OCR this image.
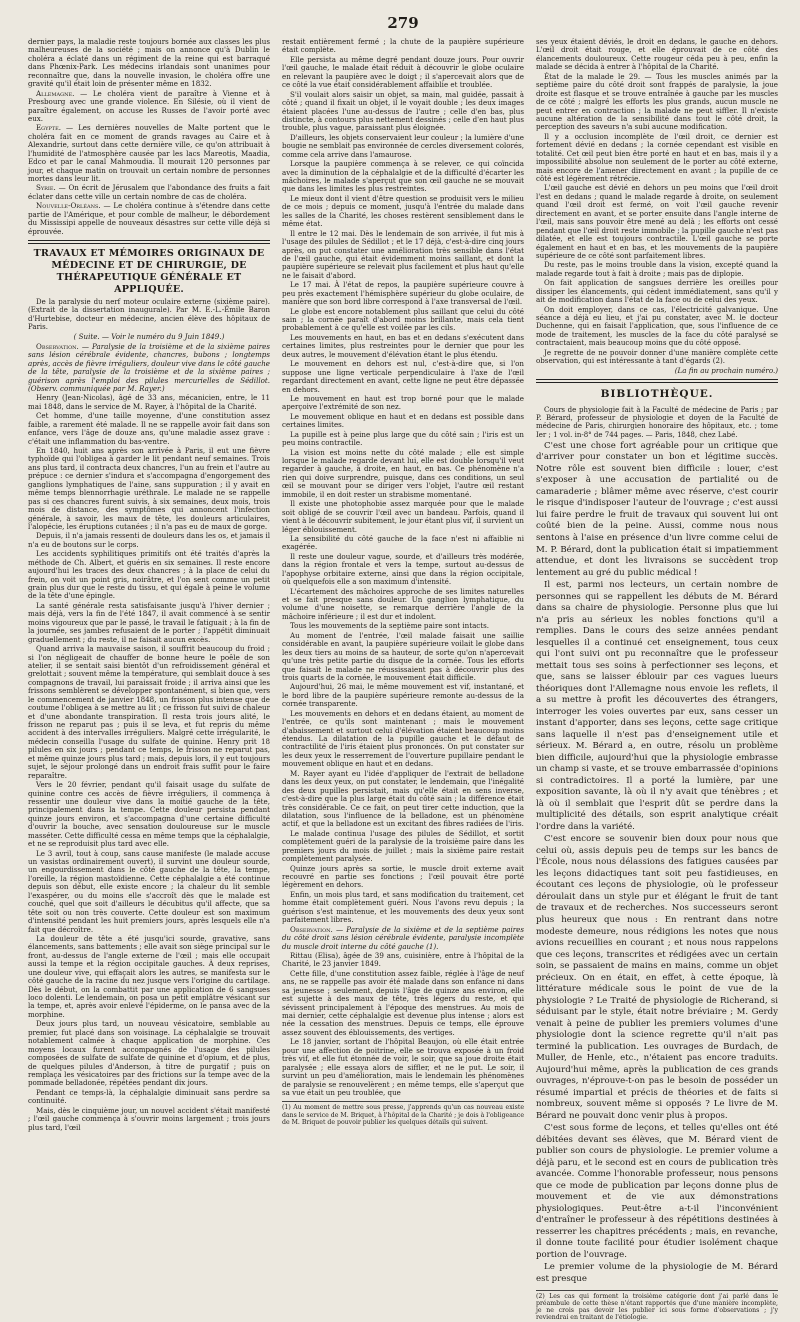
279

dernier pays, la maladie reste toujours bornée aux classes les plus malheureuses de la société ; mais on annonce qu'à Dublin le choléra a éclaté dans un régiment de la reine qui est barraqué dans Phœnix-Park. Les médecins irlandais sont unanimes pour reconnaître que, dans la nouvelle invasion, le choléra offre une gravité qu'il était loin de présenter même en 1832.

Allemagne. — Le choléra vient de paraître à Vienne et à Presbourg avec une grande violence. En Silésie, où il vient de paraître également, on accuse les Russes de l'avoir porté avec eux.

Egypte. — Les dernières nouvelles de Malte portent que le choléra fait en ce moment de grands ravages au Caire et à Alexandrie, surtout dans cette dernière ville, ce qu'on attribuait à l'humidité de l'atmosphère causée par les lacs Mareotis, Maadia, Edco et par le canal Mahmoudia. Il mourait 120 personnes par jour, et chaque matin on trouvait un certain nombre de personnes mortes dans leur lit.

Syrie. — On écrit de Jérusalem que l'abondance des fruits a fait éclater dans cette ville un certain nombre de cas de choléra.

Nouvelle-Orléans. — Le choléra continue à s'étendre dans cette partie de l'Amérique, et pour comble de malheur, le débordement du Mississipi appelle de nouveaux désastres sur cette ville déjà si éprouvée.

TRAVAUX ET MÉMOIRES ORIGINAUX DE MÉDECINE ET DE CHIRURGIE, DE THÉRAPEUTIQUE GÉNÉRALE ET APPLIQUÉE.

De la paralysie du nerf moteur oculaire externe (sixième paire). (Extrait de la dissertation inaugurale). Par M. E.-L.-Émile Baron d'Hurtebise, docteur en médecine, ancien élève des hôpitaux de Paris.

( Suite. — Voir le numéro du 9 Juin 1849.)

Observation. — Paralysie de la troisième et de la sixième paires sans lésion cérébrale évidente, chancres, bubons ; longtemps après, accès de fièvre irréguliers, douleur vive dans le côté gauche de la tête, paralysie de la troisième et de la sixième paires ; guérison après l'emploi des pilules mercurielles de Sédillot. (Observ. communiquée par M. Rayer.)

Henry (Jean-Nicolas), âgé de 33 ans, mécanicien, entre, le 11 mai 1848, dans le service de M. Rayer, à l'hôpital de la Charité.

Cet homme, d'une taille moyenne, d'une constitution assez faible, a rarement été malade. Il ne se rappelle avoir fait dans son enfance, vers l'âge de douze ans, qu'une maladie assez grave : c'était une inflammation du bas-ventre.

En 1840, huit ans après son arrivée à Paris, il eut une fièvre typhoïde qui l'obligea à garder le lit pendant neuf semaines. Trois ans plus tard, il contracta deux chancres, l'un au frein et l'autre au prépuce : ce dernier s'indura et s'accompagna d'engorgement des ganglions lymphatiques de l'aine, sans suppuration ; il y avait en même temps blennorrhagie uréthrale. Le malade ne se rappelle pas si ces chancres furent suivis, à six semaines, deux mois, trois mois de distance, des symptômes qui annoncent l'infection générale, à savoir, les maux de tête, les douleurs articulaires, l'alopécie, les éruptions cutanées ; il n'a pas eu de maux de gorge.

Depuis, il n'a jamais ressenti de douleurs dans les os, et jamais il n'a eu de boutons sur le corps.

Les accidents syphilitiques primitifs ont été traités d'après la méthode de Ch. Albert, et guéris en six semaines. Il reste encore aujourd'hui les traces des deux chancres ; à la place de celui du frein, on voit un point gris, noirâtre, et l'on sent comme un petit grain plus dur que le reste du tissu, et qui égale à peine le volume de la tête d'une épingle.

La santé générale resta satisfaisante jusqu'à l'hiver dernier ; mais déjà, vers la fin de l'été 1847, il avait commencé à se sentir moins vigoureux que par le passé, le travail le fatiguait ; à la fin de la journée, ses jambes refusaient de le porter ; l'appétit diminuait graduellement ; du reste, il ne faisait aucun excès.

Quand arriva la mauvaise saison, il souffrit beaucoup du froid ; si l'on négligeait de chauffer de bonne heure le poêle de son atelier, il se sentait saisi bientôt d'un refroidissement général et grelottait ; souvent même la température, qui semblait douce à ses compagnons de travail, lui paraissait froide ; il arriva ainsi que les frissons semblèrent se développer spontanément, si bien que, vers le commencement de janvier 1848, un frisson plus intense que de coutume l'obligea à se mettre au lit ; ce frisson fut suivi de chaleur et d'une abondante transpiration. Il resta trois jours alité, le frisson ne reparut pas ; puis il se leva, et fut repris du même accident à des intervalles irréguliers. Malgré cette irrégularité, le médecin conseilla l'usage du sulfate de quinine. Henry prit 18 pilules en six jours ; pendant ce temps, le frisson ne reparut pas, et même quinze jours plus tard ; mais, depuis lors, il y eut toujours sujet, le séjour prolongé dans un endroit frais suffit pour le faire reparaître.

Vers le 20 février, pendant qu'il faisait usage du sulfate de quinine contre ces accès de fièvre irréguliers, il commença à ressentir une douleur vive dans la moitié gauche de la tête, principalement dans la tempe. Cette douleur persista pendant quinze jours environ, et s'accompagna d'une certaine difficulté d'ouvrir la bouche, avec sensation douloureuse sur le muscle masséter. Cette difficulté cessa en même temps que la céphalalgie, et ne se reproduisit plus tard avec elle.

Le 3 avril, tout à coup, sans cause manifeste (le malade accuse un vasistas ordinairement ouvert), il survint une douleur sourde, un engourdissement dans le côté gauche de la tête, la tempe, l'oreille, la région mastoïdienne. Cette céphalalgie a été continue depuis son début, elle existe encore ; la chaleur du lit semble l'exaspérer, ou du moins elle s'accroît dès que le malade est couché, quel que soit d'ailleurs le décubitus qu'il affecte, que sa tête soit ou non très couverte. Cette douleur est son maximum d'intensité pendant les huit premiers jours, après lesquels elle n'a fait que décroître.

La douleur de tête a été jusqu'ici sourde, gravative, sans élancements, sans battements ; elle avait son siège principal sur le front, au-dessus de l'angle externe de l'œil ; mais elle occupait aussi la tempe et la région occipitale gauches. À deux reprises, une douleur vive, qui effaçait alors les autres, se manifesta sur le côté gauche de la racine du nez jusque vers l'origine du cartilage. Dès le début, on la combattit par une application de 6 sangsues loco dolenti. Le lendemain, on posa un petit emplâtre vésicant sur la tempe, et, après avoir enlevé l'épiderme, on le pansa avec de la morphine.

Deux jours plus tard, un nouveau vésicatoire, semblable au premier, fut placé dans son voisinage. La céphalalgie se trouvait notablement calmée à chaque application de morphine. Ces moyens locaux furent accompagnés de l'usage des pilules composées de sulfate de sulfate de quinine et d'opium, et de plus, de quelques pilules d'Anderson, à titre de purgatif ; puis on remplaça les vésicatoires par des frictions sur la tempe avec de la pommade belladonée, répétées pendant dix jours.

Pendant ce temps-là, la céphalalgie diminuait sans perdre sa continuité.

Mais, dès le cinquième jour, un nouvel accident s'était manifesté ; l'œil gauche commença à s'ouvrir moins largement ; trois jours plus tard, l'œil

restait entièrement fermé ; la chute de la paupière supérieure était complète.

Elle persista au même degré pendant douze jours. Pour ouvrir l'œil gauche, le malade était réduit à découvrir le globe oculaire en relevant la paupière avec le doigt ; il s'apercevait alors que de ce côté la vue était considérablement affaiblie et troublée.

S'il voulait alors saisir un objet, sa main, mal guidée, passait à côté ; quand il fixait un objet, il le voyait double ; les deux images étaient placées l'une au-dessus de l'autre ; celle d'en bas, plus distincte, à contours plus nettement dessinés ; celle d'en haut plus trouble, plus vague, paraissant plus éloignée.

D'ailleurs, les objets conservaient leur couleur ; la lumière d'une bougie ne semblait pas environnée de cercles diversement colorés, comme cela arrive dans l'amaurose.

Lorsque la paupière commença à se relever, ce qui coïncida avec la diminution de la céphalalgie et de la difficulté d'écarter les mâchoires, le malade s'aperçut que son œil gauche ne se mouvait que dans les limites les plus restreintes.

Le mieux dont il vient d'être question se produisit vers le milieu de ce mois ; depuis ce moment, jusqu'à l'entrée du malade dans les salles de la Charité, les choses restèrent sensiblement dans le même état.

Il entre le 12 mai. Dès le lendemain de son arrivée, il fut mis à l'usage des pilules de Sédillot ; et le 17 déjà, c'est-à-dire cinq jours après, on put constater une amélioration très sensible dans l'état de l'œil gauche, qui était évidemment moins saillant, et dont la paupière supérieure se relevait plus facilement et plus haut qu'elle ne le faisait d'abord.

Le 17 mai. À l'état de repos, la paupière supérieure couvre à peu près exactement l'hémisphère supérieur du globe oculaire, de manière que son bord libre correspond à l'axe transversal de l'œil.

Le globe est encore notablement plus saillant que celui du côté sain ; la cornée paraît d'abord moins brillante, mais cela tient probablement à ce qu'elle est voilée par les cils.

Les mouvements en haut, en bas et en dedans s'exécutent dans certaines limites, plus restreintes pour le dernier que pour les deux autres, le mouvement d'élévation étant le plus étendu.

Le mouvement en dehors est nul, c'est-à-dire que, si l'on suppose une ligne verticale perpendiculaire à l'axe de l'œil regardant directement en avant, cette ligne ne peut être dépassée en dehors.

Le mouvement en haut est trop borné pour que le malade aperçoive l'extrémité de son nez.

Le mouvement oblique en haut et en dedans est possible dans certaines limites.

La pupille est à peine plus large que du côté sain ; l'iris est un peu moins contractile.

La vision est moins nette du côté malade ; elle est simple lorsque le malade regarde devant lui, elle est double lorsqu'il veut regarder à gauche, à droite, en haut, en bas. Ce phénomène n'a rien qui doive surprendre, puisque, dans ces conditions, un seul œil se mouvant pour se diriger vers l'objet, l'autre œil restant immobile, il en doit rester un strabisme momentané.

Il existe une photophobie assez marquée pour que le malade soit obligé de se couvrir l'œil avec un bandeau. Parfois, quand il vient à le découvrir subitement, le jour étant plus vif, il survient un léger éblouissement.

La sensibilité du côté gauche de la face n'est ni affaiblie ni exagérée.

Il reste une douleur vague, sourde, et d'ailleurs très modérée, dans la région frontale et vers la tempe, surtout au-dessus de l'apophyse orbitaire externe, ainsi que dans la région occipitale, où quelquefois elle a son maximum d'intensité.

L'écartement des mâchoires approche de ses limites naturelles et se fait presque sans douleur. Un ganglion lymphatique, du volume d'une noisette, se remarque derrière l'angle de la mâchoire inférieure ; il est dur et indolent.

Tous les mouvements de la septième paire sont intacts.

Au moment de l'entrée, l'œil malade faisait une saillie considérable en avant, la paupière supérieure voilait le globe dans les deux tiers au moins de sa hauteur, de sorte qu'on n'apercevait qu'une très petite partie du disque de la cornée. Tous les efforts que faisait le malade ne réussissaient pas à découvrir plus des trois quarts de la cornée, le mouvement était difficile.

Aujourd'hui, 26 mai, le même mouvement est vif, instantané, et le bord libre de la paupière supérieure remonte au-dessus de la cornée transparente.

Les mouvements en dehors et en dedans étaient, au moment de l'entrée, ce qu'ils sont maintenant ; mais le mouvement d'abaissement et surtout celui d'élévation étaient beaucoup moins étendus. La dilatation de la pupille gauche et le défaut de contractilité de l'iris étaient plus prononcés. On put constater sur les deux yeux le resserrement de l'ouverture pupillaire pendant le mouvement oblique en haut et en dedans.

M. Rayer ayant eu l'idée d'appliquer de l'extrait de belladone dans les deux yeux, on put constater, le lendemain, que l'inégalité des deux pupilles persistait, mais qu'elle était en sens inverse, c'est-à-dire que la plus large était du côté sain ; la différence était très considérable. Ce ce fait, on peut tirer cette induction, que la dilatation, sous l'influence de la belladone, est un phénomène actif, et que la belladone est un excitant des fibres radiées de l'iris.

Le malade continua l'usage des pilules de Sédillot, et sortit complètement guéri de la paralysie de la troisième paire dans les premiers jours du mois de juillet ; mais la sixième paire restait complètement paralysée.

Quinze jours après sa sortie, le muscle droit externe avait recouvré en partie ses fonctions ; l'œil pouvait être porté légèrement en dehors.

Enfin, un mois plus tard, et sans modification du traitement, cet homme était complètement guéri. Nous l'avons revu depuis ; la guérison s'est maintenue, et les mouvements des deux yeux sont parfaitement libres.

Observation. — Paralysie de la sixième et de la septième paires du côté droit sans lésion cérébrale évidente, paralysie incomplète du muscle droit interne du côté gauche (1).

Rittau (Elisa), âgée de 39 ans, cuisinière, entre à l'hôpital de la Charité, le 23 janvier 1849.

Cette fille, d'une constitution assez faible, réglée à l'âge de neuf ans, ne se rappelle pas avoir été malade dans son enfance ni dans sa jeunesse ; seulement, depuis l'âge de quinze ans environ, elle est sujette à des maux de tête, très légers du reste, et qui sévissent principalement à l'époque des menstrues. Au mois de mai dernier, cette céphalalgie est devenue plus intense ; alors est née la cessation des menstrues. Depuis ce temps, elle éprouve assez souvent des éblouissements, des vertiges.

Le 18 janvier, sortant de l'hôpital Beaujon, où elle était entrée pour une affection de poitrine, elle se trouva exposée à un froid très vif, et elle fut étonnée de voir, le soir, que sa joue droite était paralysée ; elle essaya alors de siffler, et ne le put. Le soir, il survint un peu d'amélioration, mais le lendemain les phénomènes de paralysie se renouvelèrent ; en même temps, elle s'aperçut que sa vue était un peu troublée, que

(1) Au moment de mettre sous presse, j'apprends qu'un cas nouveau existe dans le service de M. Briquet, à l'hôpital de la Charité ; je dois à l'obligeance de M. Briquet de pouvoir publier les quelques détails qui suivent.

ses yeux étaient déviés, le droit en dedans, le gauche en dehors. L'œil droit était rouge, et elle éprouvait de ce côté des élancements douloureux. Cette rougeur céda peu à peu, enfin la malade se décida à entrer à l'hôpital de la Charité.

État de la malade le 29. — Tous les muscles animés par la septième paire du côté droit sont frappés de paralysie, la joue droite est flasque et se trouve entraînée à gauche par les muscles de ce côté ; malgré les efforts les plus grands, aucun muscle ne peut entrer en contraction ; la malade ne peut siffler. Il n'existe aucune altération de la sensibilité dans tout le côté droit, la perception des saveurs n'a subi aucune modification.

Il y a occlusion incomplète de l'œil droit, ce dernier est fortement dévié en dedans ; la cornée cependant est visible en totalité. Cet œil peut bien être porté en haut et en bas, mais il y a impossibilité absolue non seulement de le porter au côté externe, mais encore de l'amener directement en avant ; la pupille de ce côté est légèrement rétrécie.

L'œil gauche est dévié en dehors un peu moins que l'œil droit l'est en dedans ; quand le malade regarde à droite, on seulement quand l'œil droit est fermé, on voit l'œil gauche revenir directement en avant, et se porter ensuite dans l'angle interne de l'œil, mais sans pouvoir être mené au delà ; les efforts ont cessé pendant que l'œil droit reste immobile ; la pupille gauche n'est pas dilatée, et elle est toujours contractile. L'œil gauche se porte également en haut et en bas, et les mouvements de la paupière supérieure de ce côté sont parfaitement libres.

Du reste, pas le moins trouble dans la vision, excepté quand la malade regarde tout à fait à droite ; mais pas de diplopie.

On fait application de sangsues derrière les oreilles pour dissiper les élancements, qui cèdent immédiatement, sans qu'il y ait de modification dans l'état de la face ou de celui des yeux.

On doit employer, dans ce cas, l'électricité galvanique. Une séance a déjà eu lieu, et j'ai pu constater, avec M. le docteur Duchenne, qui en faisait l'application, que, sous l'influence de ce mode de traitement, les muscles de la face du côté paralysé se contractaient, mais beaucoup moins que du côté opposé.

Je regrette de ne pouvoir donner d'une manière complète cette observation, qui est intéressante à tant d'égards (2).

(La fin au prochain numéro.)

BIBLIOTHÈQUE.

Cours de physiologie fait à la Faculté de médecine de Paris ; par P. Bérard, professeur de physiologie et doyen de la Faculté de médecine de Paris, chirurgien honoraire des hôpitaux, etc. ; tome Ier ; 1 vol. in-8° de 744 pages. — Paris, 1848, chez Labé.

C'est une chose fort agréable pour un critique que d'arriver pour constater un bon et légitime succès. Notre rôle est souvent bien difficile : louer, c'est s'exposer à une accusation de partialité ou de camaraderie ; blâmer même avec réserve, c'est courir le risque d'indisposer l'auteur de l'ouvrage ; c'est aussi lui faire perdre le fruit de travaux qui souvent lui ont coûté bien de la peine. Aussi, comme nous nous sentons à l'aise en présence d'un livre comme celui de M. P. Bérard, dont la publication était si impatiemment attendue, et dont les livraisons se succèdent trop lentement au gré du public médical !

Il est, parmi nos lecteurs, un certain nombre de personnes qui se rappellent les débuts de M. Bérard dans sa chaire de physiologie. Personne plus que lui n'a pris au sérieux les nobles fonctions qu'il a remplies. Dans le cours des seize années pendant lesquelles il a continué cet enseignement, tous ceux qui l'ont suivi ont pu reconnaître que le professeur mettait tous ses soins à perfectionner ses leçons, et que, sans se laisser éblouir par ces vagues lueurs théoriques dont l'Allemagne nous envoie les reflets, il a su mettre à profit les découvertes des étrangers, interroger les voies ouvertes par eux, sans cesser un instant d'apporter, dans ses leçons, cette sage critique sans laquelle il n'est pas d'enseignement utile et sérieux. M. Bérard a, en outre, résolu un problème bien difficile, aujourd'hui que la physiologie embrasse un champ si vaste, et se trouve embarrassée d'opinions si contradictoires. Il a porté la lumière, par une exposition savante, là où il n'y avait que ténèbres ; et là où il semblait que l'esprit dût se perdre dans la multiplicité des détails, son esprit analytique créait l'ordre dans la variété.

C'est encore se souvenir bien doux pour nous que celui où, assis depuis peu de temps sur les bancs de l'École, nous nous délassions des fatigues causées par les leçons didactiques tant soit peu fastidieuses, en écoutant ces leçons de physiologie, où le professeur déroulait dans un style pur et élégant le fruit de tant de travaux et de recherches. Nos successeurs seront plus heureux que nous : En rentrant dans notre modeste demeure, nous rédigions les notes que nous avions recueillies en courant ; et nous nous rappelons que ces leçons, transcrites et rédigées avec un certain soin, se passaient de mains en mains, comme un objet précieux. On en était, en effet, à cette époque, là littérature médicale sous le point de vue de la physiologie ? Le Traité de physiologie de Richerand, si séduisant par le style, était notre bréviaire ; M. Gerdy venait à peine de publier les premiers volumes d'une physiologie dont la science regrette qu'il n'ait pas terminé la publication. Les ouvrages de Burdach, de Muller, de Henle, etc., n'étaient pas encore traduits. Aujourd'hui même, après la publication de ces grands ouvrages, n'éprouve-t-on pas le besoin de posséder un résumé impartial et précis de théories et de faits si nombreux, souvent même si opposés ? Le livre de M. Bérard ne pouvait donc venir plus à propos.

C'est sous forme de leçons, et telles qu'elles ont été débitées devant ses élèves, que M. Bérard vient de publier son cours de physiologie. Le premier volume a déjà paru, et le second est en cours de publication très avancée. Comme l'honorable professeur, nous pensons que ce mode de publication par leçons donne plus de mouvement et de vie aux démonstrations physiologiques. Peut-être a-t-il l'inconvénient d'entraîner le professeur à des répétitions destinées à resserrer les chapitres précédents ; mais, en revanche, il donne toute facilité pour étudier isolément chaque portion de l'ouvrage.

Le premier volume de la physiologie de M. Bérard est presque

(2) Les cas qui forment la troisième catégorie dont j'ai parlé dans le préambule de cette thèse n'étant rapportés que d'une manière incomplète, je ne crois pas devoir les publier ici sous forme d'observations ; j'y reviendrai en traitant de l'étiologie.
